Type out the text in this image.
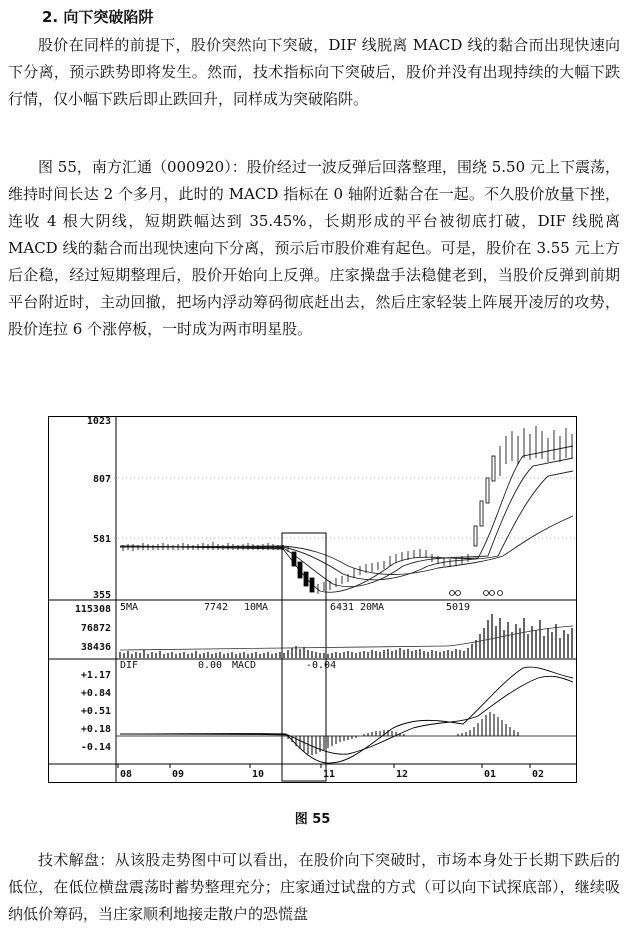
2. 向下突破陷阱

股价在同样的前提下，股价突然向下突破，DIF 线脱离 MACD 线的黏合而出现快速向下分离，预示跌势即将发生。然而，技术指标向下突破后，股价并没有出现持续的大幅下跌行情，仅小幅下跌后即止跌回升，同样成为突破陷阱。

图 55，南方汇通（000920）：股价经过一波反弹后回落整理，围绕 5.50 元上下震荡，维持时间长达 2 个多月，此时的 MACD 指标在 0 轴附近黏合在一起。不久股价放量下挫，连收 4 根大阴线，短期跌幅达到 35.45%，长期形成的平台被彻底打破，DIF 线脱离 MACD 线的黏合而出现快速向下分离，预示后市股价难有起色。可是，股价在 3.55 元上方后企稳，经过短期整理后，股价开始向上反弹。庄家操盘手法稳健老到，当股价反弹到前期平台附近时，主动回撤，把场内浮动筹码彻底赶出去，然后庄家轻装上阵展开凌厉的攻势，股价连拉 6 个涨停板，一时成为两市明星股。

1023
807
581
355
5MA	7742 10MA	6431 20MA	5019
115308
76872
38436
DIF	0.00 MACD	-0.04
+1.17
+0.84
+0.51
+0.18
-0.14
08	09	10	11	12	01	02
图 55

技术解盘：从该股走势图中可以看出，在股价向下突破时，市场本身处于长期下跌后的低位，在低位横盘震荡时蓄势整理充分；庄家通过试盘的方式（可以向下试探底部），继续吸纳低价筹码，当庄家顺利地接走散户的恐慌盘
